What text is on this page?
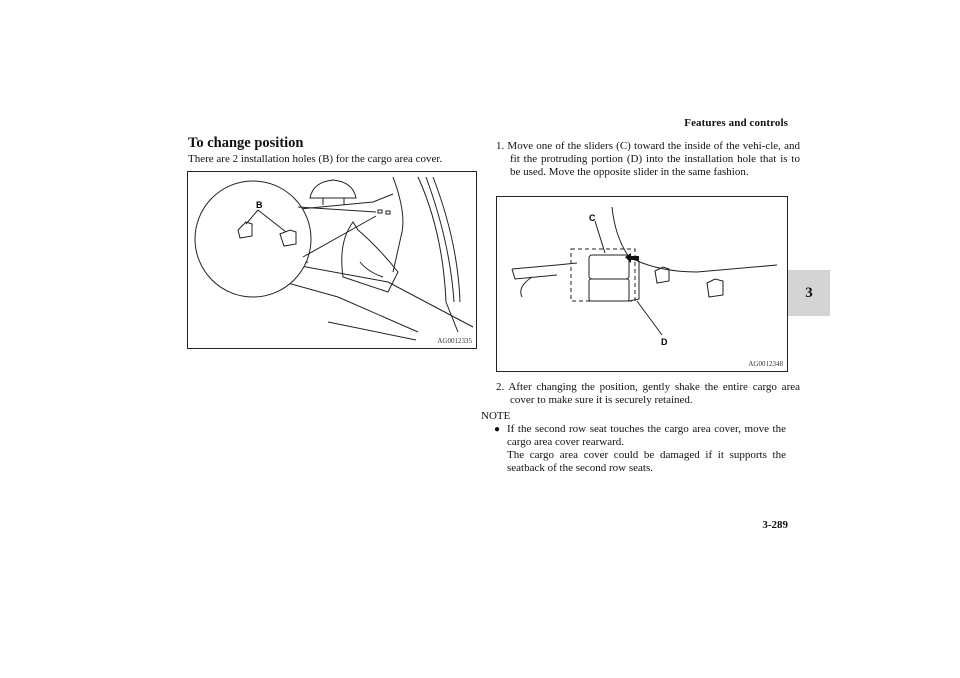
Features and controls
3
To change position
There are 2 installation holes (B) for the cargo area cover.
B
AG0012335
1. Move one of the sliders (C) toward the inside of the vehi-cle, and fit the protruding portion (D) into the installation hole that is to be used. Move the opposite slider in the same fashion.
C
D
AG0012348
2. After changing the position, gently shake the entire cargo area cover to make sure it is securely retained.
NOTE
● If the second row seat touches the cargo area cover, move the cargo area cover rearward.
The cargo area cover could be damaged if it supports the seatback of the second row seats.
3-289
